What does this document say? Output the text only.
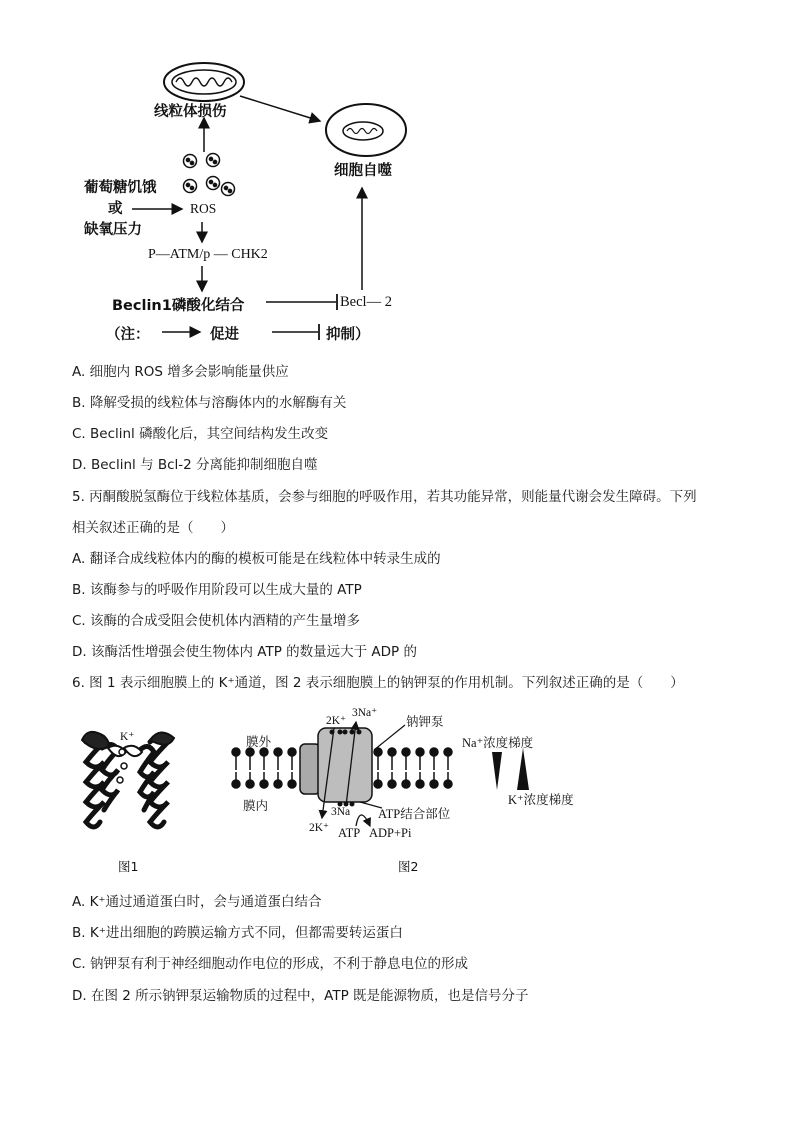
线粒体损伤
细胞自噬
葡萄糖饥饿
或
缺氧压力
ROS
P—ATM/p — CHK2
Beclin1磷酸化结合	Becl— 2
（注：	促进	抑制）
A. 细胞内 ROS 增多会影响能量供应
B. 降解受损的线粒体与溶酶体内的水解酶有关
C. Beclinl 磷酸化后，其空间结构发生改变
D. Beclinl 与 Bcl-2 分离能抑制细胞自噬
5. 丙酮酸脱氢酶位于线粒体基质，会参与细胞的呼吸作用，若其功能异常，则能量代谢会发生障碍。下列
相关叙述正确的是（　　）
A. 翻译合成线粒体内的酶的模板可能是在线粒体中转录生成的
B. 该酶参与的呼吸作用阶段可以生成大量的 ATP
C. 该酶的合成受阻会使机体内酒精的产生量增多
D. 该酶活性增强会使生物体内 ATP 的数量远大于 ADP 的
6. 图 1 表示细胞膜上的 K⁺通道，图 2 表示细胞膜上的钠钾泵的作用机制。下列叙述正确的是（　　）
K⁺
图1	图2
膜外
膜内
2K⁺
3Na⁺
钠钾泵
Na⁺浓度梯度
K⁺浓度梯度
3Na ATP结合部位
2K⁺ ATP ADP+Pi
A. K⁺通过通道蛋白时，会与通道蛋白结合
B. K⁺进出细胞的跨膜运输方式不同，但都需要转运蛋白
C. 钠钾泵有利于神经细胞动作电位的形成，不利于静息电位的形成
D. 在图 2 所示钠钾泵运输物质的过程中，ATP 既是能源物质，也是信号分子
